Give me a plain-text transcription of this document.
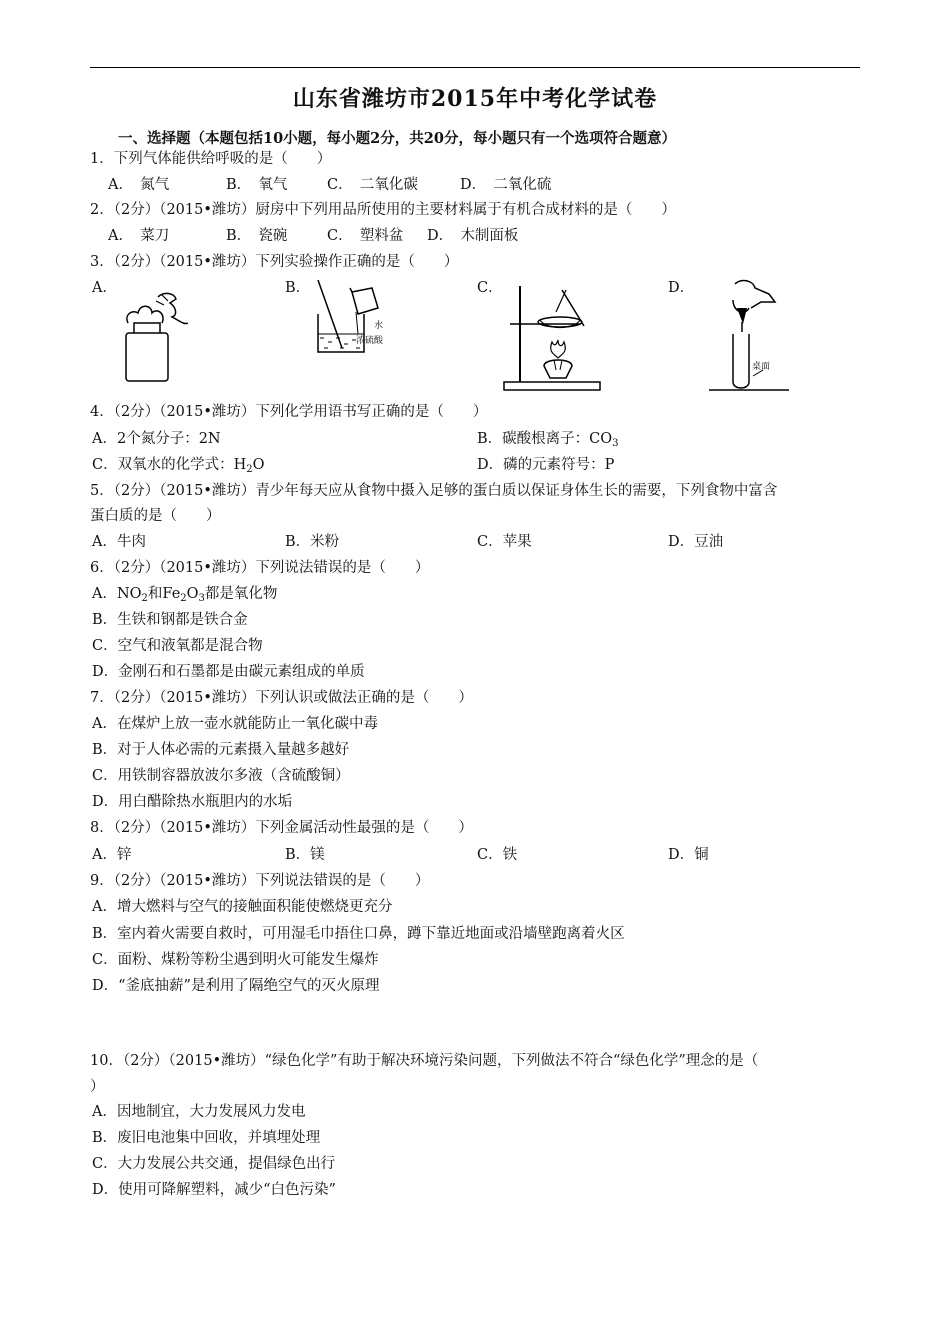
山东省潍坊市2015年中考化学试卷
一、选择题（本题包括10小题，每小题2分，共20分，每小题只有一个选项符合题意）
1．下列气体能供给呼吸的是（　　）
A．　氮气	B．　氧气	C．　二氧化碳	D．　二氧化硫
2．（2分）（2015•潍坊）厨房中下列用品所使用的主要材料属于有机合成材料的是（　　）
A．　菜刀	B．　瓷碗	C．　塑料盆 D．　木制面板
3．（2分）（2015•潍坊）下列实验操作正确的是（　　）
A．	B．	C．	D．
水
浓硫酸
桌面
4．（2分）（2015•潍坊）下列化学用语书写正确的是（　　）
A．2个氮分子：2N	B．碳酸根离子：$CO_3$
C．双氧水的化学式：$H_2O$	D．磷的元素符号：P
5．（2分）（2015•潍坊）青少年每天应从食物中摄入足够的蛋白质以保证身体生长的需要，下列食物中富含
蛋白质的是（　　）
A．牛肉	B．米粉	C．苹果	D．豆油
6．（2分）（2015•潍坊）下列说法错误的是（　　）
A．$NO_2$和$Fe_2O_3$都是氧化物
B．生铁和钢都是铁合金
C．空气和液氧都是混合物
D．金刚石和石墨都是由碳元素组成的单质
7．（2分）（2015•潍坊）下列认识或做法正确的是（　　）
A．在煤炉上放一壶水就能防止一氧化碳中毒
B．对于人体必需的元素摄入量越多越好
C．用铁制容器放波尔多液（含硫酸铜）
D．用白醋除热水瓶胆内的水垢
8．（2分）（2015•潍坊）下列金属活动性最强的是（　　）
A．锌	B．镁	C．铁	D．铜
9．（2分）（2015•潍坊）下列说法错误的是（　　）
A．增大燃料与空气的接触面积能使燃烧更充分
B．室内着火需要自救时，可用湿毛巾捂住口鼻，蹲下靠近地面或沿墙壁跑离着火区
C．面粉、煤粉等粉尘遇到明火可能发生爆炸
D．“釜底抽薪”是利用了隔绝空气的灭火原理
10．（2分）（2015•潍坊）“绿色化学”有助于解决环境污染问题，下列做法不符合“绿色化学”理念的是（
）
A．因地制宜，大力发展风力发电
B．废旧电池集中回收，并填埋处理
C．大力发展公共交通，提倡绿色出行
D．使用可降解塑料，减少“白色污染”
